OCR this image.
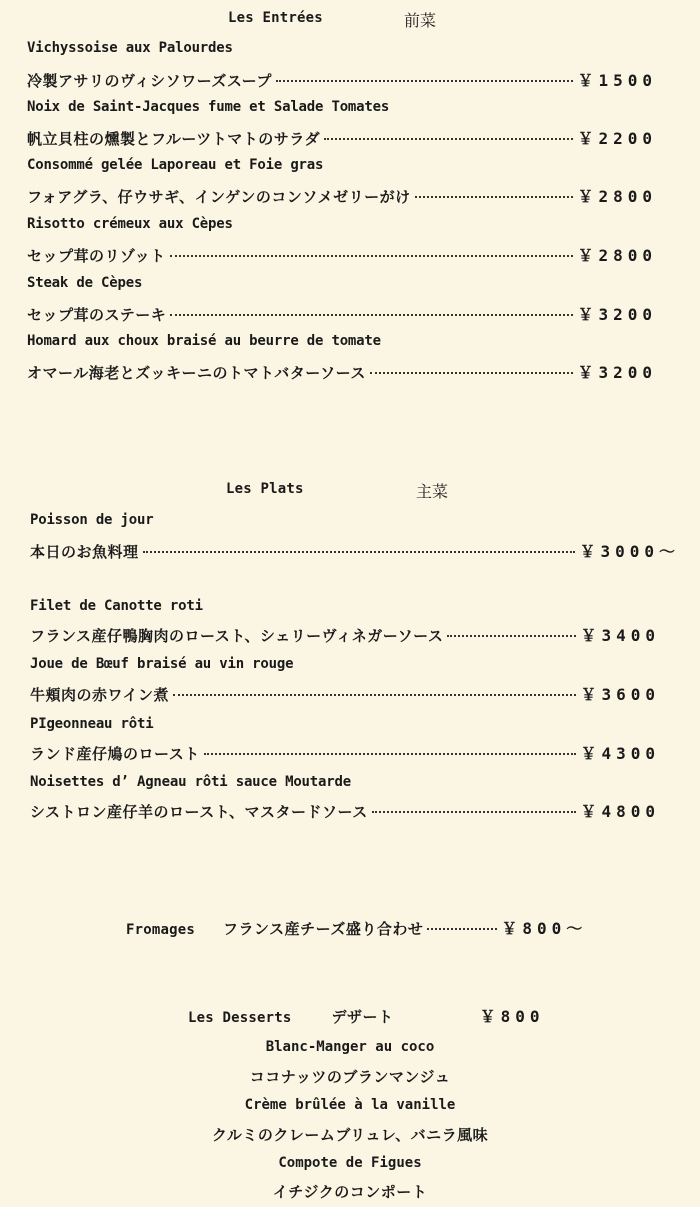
Les Entrées	前菜
Vichyssoise aux Palourdes
冷製アサリのヴィシソワーズスープ	￥1500
Noix de Saint-Jacques fume et Salade Tomates
帆立貝柱の燻製とフルーツトマトのサラダ	￥2200
Consommé gelée Laporeau et Foie gras
フォアグラ、仔ウサギ、インゲンのコンソメゼリーがけ	￥2800
Risotto crémeux aux Cèpes
セップ茸のリゾット	￥2800
Steak de Cèpes
セップ茸のステーキ	￥3200
Homard aux choux braisé au beurre de tomate
オマール海老とズッキーニのトマトバターソース	￥3200
Les Plats	主菜
Poisson de jour
本日のお魚料理	￥3000～
Filet de Canotte roti
フランス産仔鴨胸肉のロースト、シェリーヴィネガーソース	￥3400
Joue de Bœuf braisé au vin rouge
牛頬肉の赤ワイン煮	￥3600
PIgeonneau rôti
ランド産仔鳩のロースト	￥4300
Noisettes d’ Agneau rôti sauce Moutarde
シストロン産仔羊のロースト、マスタードソース	￥4800
Fromages フランス産チーズ盛り合わせ	￥800～
Les Desserts	デザート	￥800
Blanc-Manger au coco
ココナッツのブランマンジュ
Crème brûlée à la vanille
クルミのクレームブリュレ、バニラ風味
Compote de Figues
イチジクのコンポート
